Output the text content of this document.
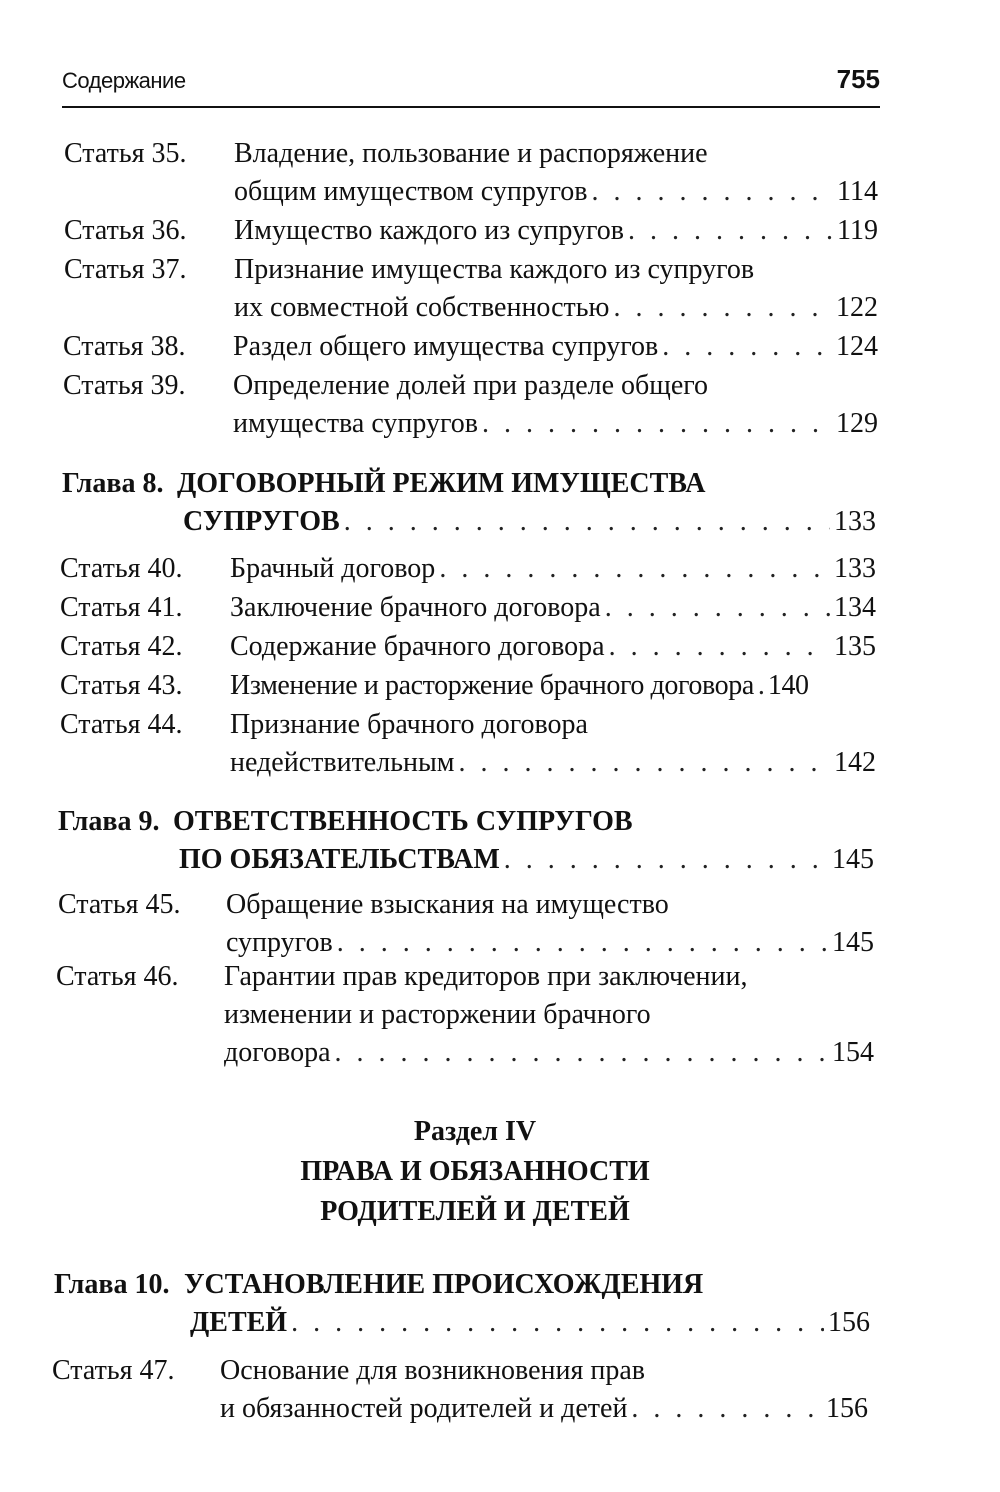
Содержание	755
Статья 35. Владение, пользование и распоряжение
общим имуществом супругов . . .	114
Статья 36. Имущество каждого из супругов . . .	119
Статья 37. Признание имущества каждого из супругов
их совместной собственностью . . .	122
Статья 38. Раздел общего имущества супругов . . .	124
Статья 39. Определение долей при разделе общего
имущества супругов . . .	129
Глава 8. ДОГОВОРНЫЙ РЕЖИМ ИМУЩЕСТВА
СУПРУГОВ . . .	133
Статья 40. Брачный договор . . .	133
Статья 41. Заключение брачного договора . . .	134
Статья 42. Содержание брачного договора . . .	135
Статья 43. Изменение и расторжение брачного договора . . . 140
Статья 44. Признание брачного договора
недействительным . . .	142
Глава 9. ОТВЕТСТВЕННОСТЬ СУПРУГОВ
ПО ОБЯЗАТЕЛЬСТВАМ . . .	145
Статья 45. Обращение взыскания на имущество
супругов . . .	145
Статья 46. Гарантии прав кредиторов при заключении,
изменении и расторжении брачного
договора . . .	154
Раздел IV
ПРАВА И ОБЯЗАННОСТИ
РОДИТЕЛЕЙ И ДЕТЕЙ
Глава 10. УСТАНОВЛЕНИЕ ПРОИСХОЖДЕНИЯ
ДЕТЕЙ . . .	156
Статья 47. Основание для возникновения прав
и обязанностей родителей и детей . . .	156
